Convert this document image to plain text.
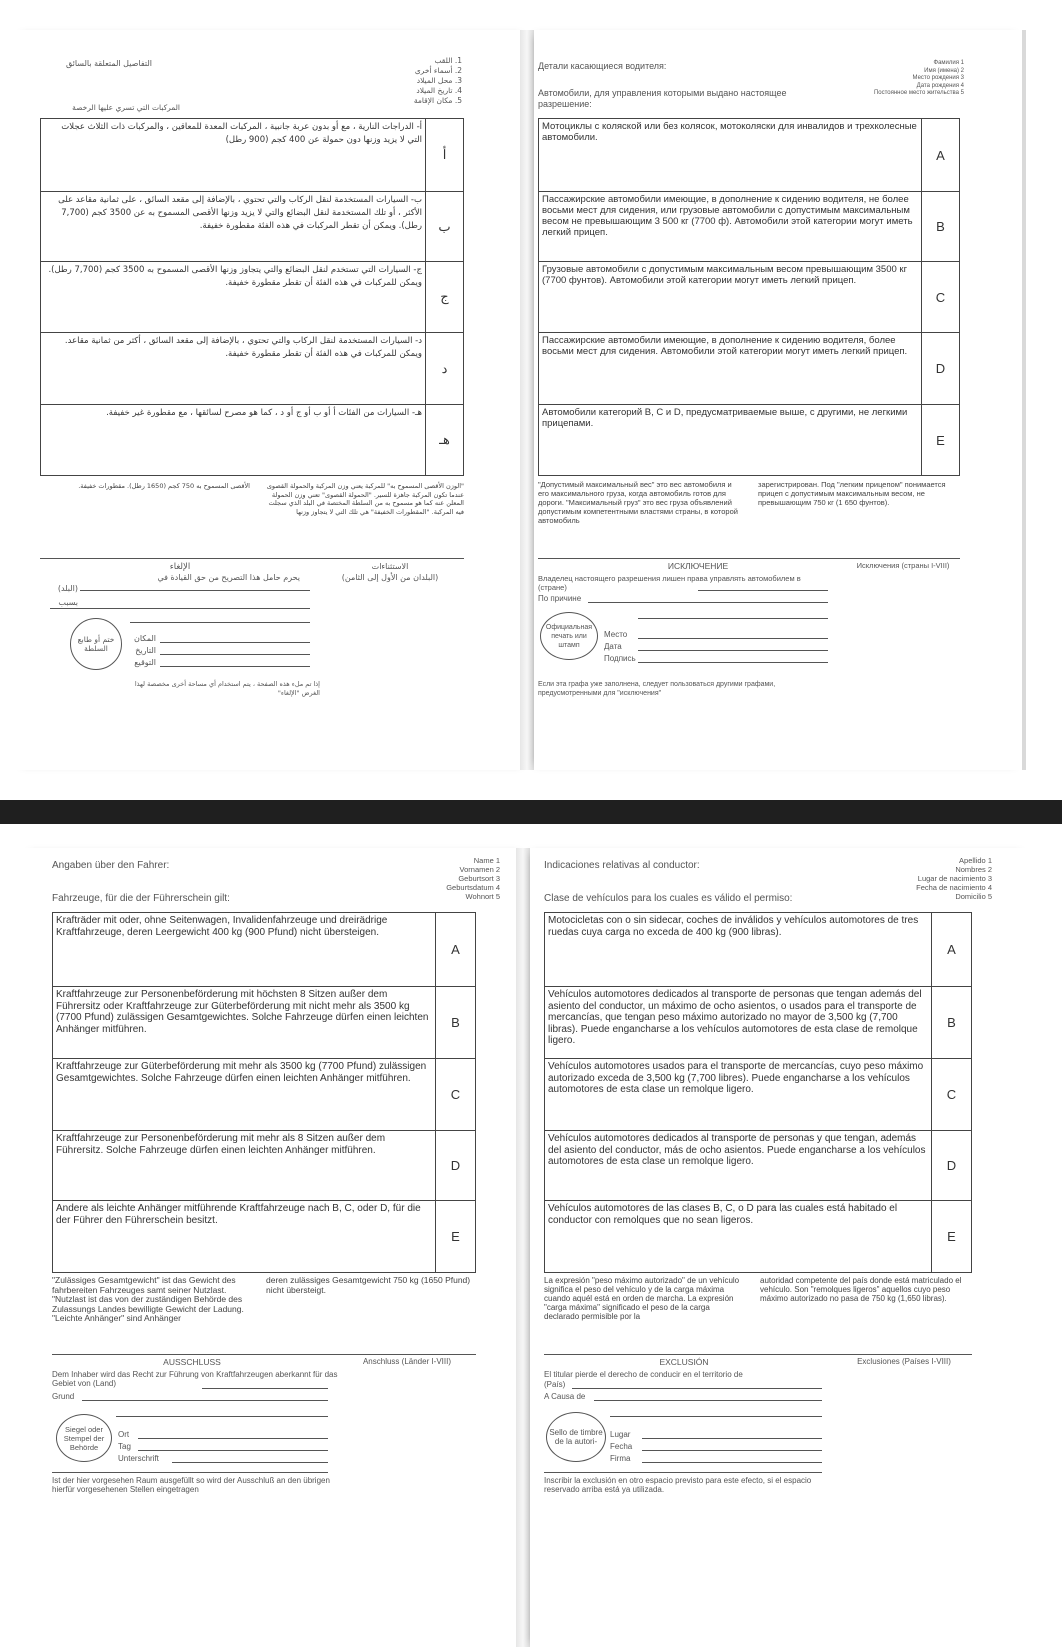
التفاصيل المتعلقة بالسائق	1. اللقب
2. أسماء أخرى
3. محل الميلاد
4. تاريخ الميلاد
5. مكان الإقامة
المركبات التي تسري عليها الرخصة
أ	أ- الدراجات النارية ، مع أو بدون عربة جانبية ، المركبات المعدة للمعاقين ، والمركبات ذات الثلاث عجلات التي لا يزيد وزنها دون حمولة عن 400 كجم (900 رطل)
ب	ب- السيارات المستخدمة لنقل الركاب والتي تحتوي ، بالإضافة إلى مقعد السائق ، على ثمانية مقاعد على الأكثر ، أو تلك المستخدمة لنقل البضائع والتي لا يزيد وزنها الأقصى المسموح به عن 3500 كجم (7,700 رطل). ويمكن أن تقطر المركبات في هذه الفئة مقطورة خفيفة.
ج	ج- السيارات التي تستخدم لنقل البضائع والتي يتجاوز وزنها الأقصى المسموح به 3500 كجم (7,700 رطل). ويمكن للمركبات في هذه الفئة أن تقطر مقطورة خفيفة.
د	د- السيارات المستخدمة لنقل الركاب والتي تحتوي ، بالإضافة إلى مقعد السائق ، أكثر من ثمانية مقاعد. ويمكن للمركبات في هذه الفئة أن تقطر مقطورة خفيفة.
هـ	هـ- السيارات من الفئات أ أو ب أو ج أو د ، كما هو مصرح لسائقها ، مع مقطورة غير خفيفة.
"الوزن الأقصى المسموح به" للمركبة يعني وزن المركبة والحمولة القصوى عندما تكون المركبة جاهزة للسير. "الحمولة القصوى" تعني وزن الحمولة المعلن عنه كما هو مسموح به من السلطة المختصة في البلد الذي سجلت فيه المركبة. "المقطورات الخفيفة" هي تلك التي لا يتجاوز وزنها
الأقصى المسموح به 750 كجم (1650 رطل). مقطورات خفيفة.
الإلغاء	الاستثناءات
(البلدان من الأول إلى الثامن)
يحرم حامل هذا التصريح من حق القيادة في
(البلد)
بسبب
ختم أو طابع السلطة
المكان
التاريخ
التوقيع
إذا تم ملء هذه الصفحة ، يتم استخدام أي مساحة أخرى مخصصة لهذا الغرض "الإلغاء"
Детали касающиеся водителя:	Фамилия 1
Имя (имена) 2
Место рождения 3
Дата рождения 4
Постоянное место жительства 5
Автомобили, для управления которыми выдано настоящее разрешение:
Мотоциклы с коляской или без колясок, мотоколяски для инвалидов и трехколесные автомобили.	A
Пассажирские автомобили имеющие, в дополнение к сидению водителя, не более восьми мест для сидения, или грузовые автомобили с допустимым максимальным весом не превышающим 3 500 кг (7700 ф). Автомобили этой категории могут иметь легкий прицеп.	B
Грузовые автомобили с допустимым максимальным весом превышающим 3500 кг (7700 фунтов). Автомобили этой категории могут иметь легкий прицеп.	C
Пассажирские автомобили имеющие, в дополнение к сидению водителя, более восьми мест для сидения. Автомобили этой категории могут иметь легкий прицеп.	D
Автомобили категорий B, C и D, предусматриваемые выше, с другими, не легкими прицепами.	E
"Допустимый максимальный вес" это вес автомобиля и его максимального груза, когда автомобиль готов для дороги. "Максимальный груз" это вес груза объявлений допустимым компетентными властями страны, в которой автомобиль
зарегистрирован. Под "легким прицепом" понимается прицеп с допустимым максимальным весом, не превышающим 750 кг (1 650 фунтов).
ИСКЛЮЧЕНИЕ	Исключения (страны I-VIII)
Владелец настоящего разрешения лишен права управлять автомобилем в (стране)
По причине
Официальная печать или штамп
Место
Дата
Подпись
Если эта графа уже заполнена, следует пользоваться другими графами, предусмотренными для "исключения"
Angaben über den Fahrer:	Name 1
Vornamen 2
Geburtsort 3
Geburtsdatum 4
Wohnort 5
Fahrzeuge, für die der Führerschein gilt:
Krafträder mit oder, ohne Seitenwagen, Invalidenfahrzeuge und dreirädrige Kraftfahrzeuge, deren Leergewicht 400 kg (900 Pfund) nicht übersteigen.	A
Kraftfahrzeuge zur Personenbeförderung mit höchsten 8 Sitzen außer dem Führersitz oder Kraftfahrzeuge zur Güterbeförderung mit nicht mehr als 3500 kg (7700 Pfund) zulässigen Gesamtgewichtes. Solche Fahrzeuge dürfen einen leichten Anhänger mitführen.	B
Kraftfahrzeuge zur Güterbeförderung mit mehr als 3500 kg (7700 Pfund) zulässigen Gesamtgewichtes. Solche Fahrzeuge dürfen einen leichten Anhänger mitführen.	C
Kraftfahrzeuge zur Personenbeförderung mit mehr als 8 Sitzen außer dem Führersitz. Solche Fahrzeuge dürfen einen leichten Anhänger mitführen.	D
Andere als leichte Anhänger mitführende Kraftfahrzeuge nach B, C, oder D, für die der Führer den Führerschein besitzt.	E
"Zulässiges Gesamtgewicht" ist das Gewicht des fahrbereiten Fahrzeuges samt seiner Nutzlast. "Nutzlast ist das von der zuständigen Behörde des Zulassungs Landes bewilligte Gewicht der Ladung. "Leichte Anhänger" sind Anhänger
deren zulässiges Gesamtgewicht 750 kg (1650 Pfund) nicht übersteigt.
AUSSCHLUSS	Anschluss (Länder I-VIII)
Dem Inhaber wird das Recht zur Führung von Kraftfahrzeugen aberkannt für das Gebiet von (Land)
Grund
Siegel oder Stempel der Behörde
Ort
Tag
Unterschrift
Ist der hier vorgesehen Raum ausgefüllt so wird der Ausschluß an den übrigen hierfür vorgesehenen Stellen eingetragen
Indicaciones relativas al conductor:	Apellido 1
Nombres 2
Lugar de nacimiento 3
Fecha de nacimiento 4
Domicilio 5
Clase de vehículos para los cuales es válido el permiso:
Motocicletas con o sin sidecar, coches de inválidos y vehículos automotores de tres ruedas cuya carga no exceda de 400 kg (900 libras).	A
Vehículos automotores dedicados al transporte de personas que tengan además del asiento del conductor, un máximo de ocho asientos, o usados para el transporte de mercancías, que tengan peso máximo autorizado no mayor de 3,500 kg (7,700 libras). Puede engancharse a los vehículos automotores de esta clase de remolque ligero.	B
Vehículos automotores usados para el transporte de mercancías, cuyo peso máximo autorizado exceda de 3,500 kg (7,700 libres). Puede engancharse a los vehículos automotores de esta clase un remolque ligero.	C
Vehículos automotores dedicados al transporte de personas y que tengan, además del asiento del conductor, más de ocho asientos. Puede engancharse a los vehículos automotores de esta clase un remolque ligero.	D
Vehículos automotores de las clases B, C, o D para las cuales está habitado el conductor con remolques que no sean ligeros.	E
La expresión "peso máximo autorizado" de un vehículo significa el peso del vehículo y de la carga máxima cuando aquél está en orden de marcha. La expresión "carga máxima" significado el peso de la carga declarado permisible por la
autoridad competente del país donde está matriculado el vehículo. Son "remolques ligeros" aquellos cuyo peso máximo autorizado no pasa de 750 kg (1,650 libras).
EXCLUSIÓN	Exclusiones (Países I-VIII)
El titular pierde el derecho de conducir en el territorio de
(País)
A Causa de
Sello de timbre de la autori-
Lugar
Fecha
Firma
Inscribir la exclusión en otro espacio previsto para este efecto, si el espacio reservado arriba está ya utilizada.
